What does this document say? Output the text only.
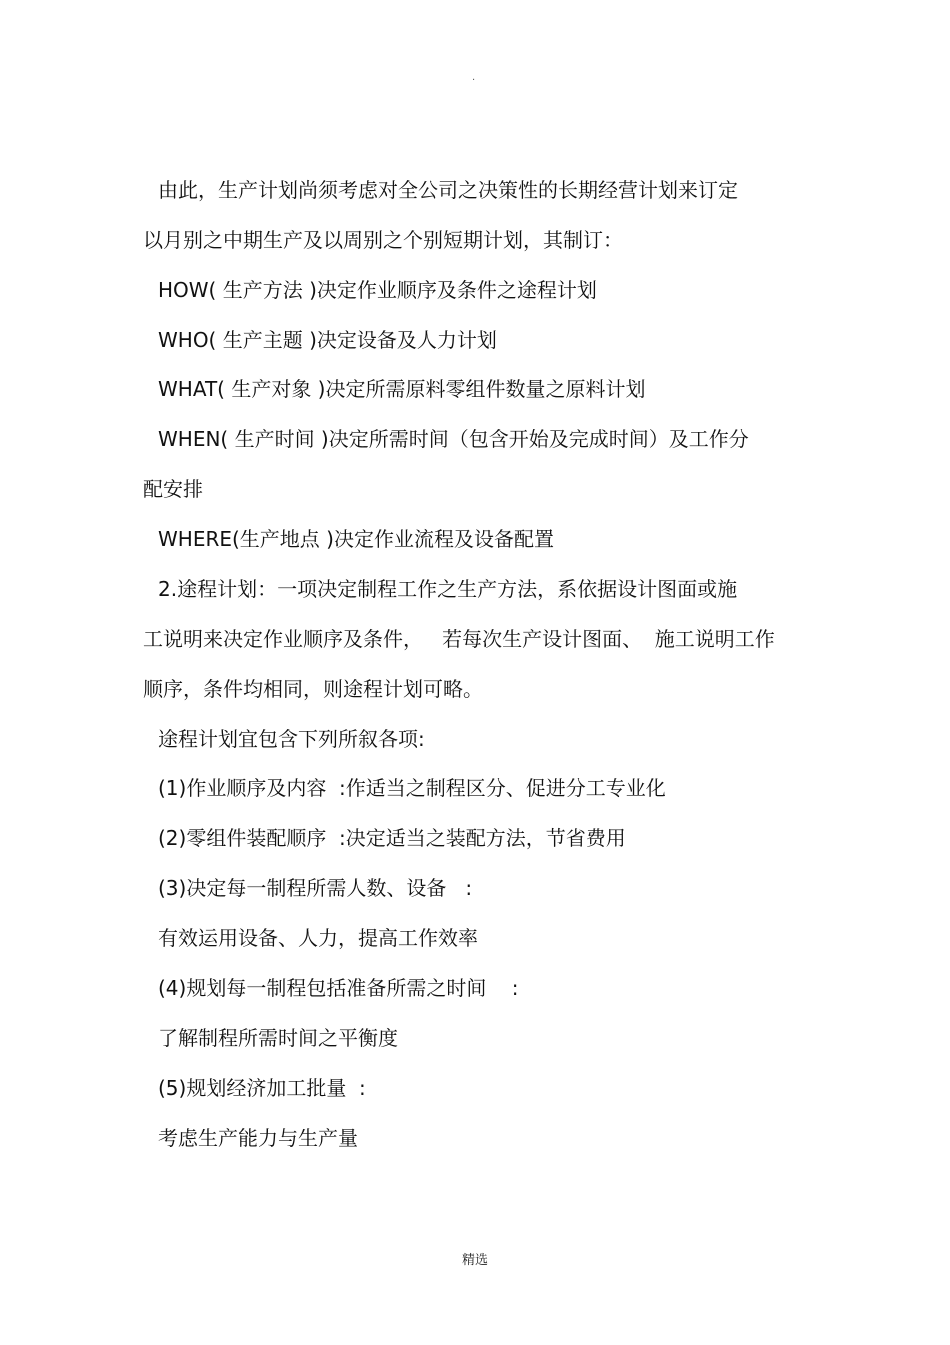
.
由此，生产计划尚须考虑对全公司之决策性的长期经营计划来订定
以月别之中期生产及以周别之个别短期计划，其制订：
HOW( 生产方法 )决定作业顺序及条件之途程计划
WHO( 生产主题 )决定设备及人力计划
WHAT( 生产对象 )决定所需原料零组件数量之原料计划
WHEN( 生产时间 )决定所需时间（包含开始及完成时间）及工作分
配安排
WHERE(生产地点 )决定作业流程及设备配置
2.途程计划：一项决定制程工作之生产方法，系依据设计图面或施
工说明来决定作业顺序及条件，   若每次生产设计图面、  施工说明工作
顺序，条件均相同，则途程计划可略。
途程计划宜包含下列所叙各项:
(1)作业顺序及内容  :作适当之制程区分、促进分工专业化
(2)零组件装配顺序  :决定适当之装配方法，节省费用
(3)决定每一制程所需人数、设备   :
有效运用设备、人力，提高工作效率
(4)规划每一制程包括准备所需之时间    :
了解制程所需时间之平衡度
(5)规划经济加工批量  :
考虑生产能力与生产量
精选
